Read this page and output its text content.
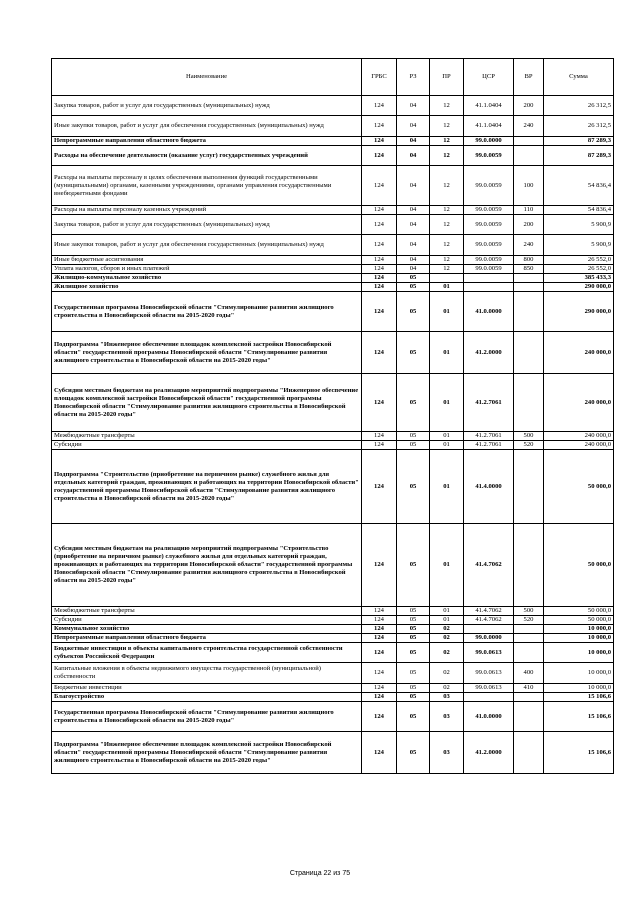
Наименование	ГРБС	РЗ	ПР	ЦСР	ВР	Сумма
Закупка товаров, работ и услуг для государственных (муниципальных) нужд	124	04	12	41.1.0404	200	26 312,5
Иные закупки товаров, работ и услуг для обеспечения государственных (муниципальных) нужд	124	04	12	41.1.0404	240	26 312,5
Непрограммные направления областного бюджета	124	04	12	99.0.0000		87 289,3
Расходы на обеспечение деятельности (оказание услуг) государственных учреждений	124	04	12	99.0.0059		87 289,3
Расходы на выплаты персоналу в целях обеспечения выполнения функций государственными (муниципальными) органами, казенными учреждениями, органами управления государственными внебюджетными фондами	124	04	12	99.0.0059	100	54 836,4
Расходы на выплаты персоналу казенных учреждений	124	04	12	99.0.0059	110	54 836,4
Закупка товаров, работ и услуг для государственных (муниципальных) нужд	124	04	12	99.0.0059	200	5 900,9
Иные закупки товаров, работ и услуг для обеспечения государственных (муниципальных) нужд	124	04	12	99.0.0059	240	5 900,9
Иные бюджетные ассигнования	124	04	12	99.0.0059	800	26 552,0
Уплата налогов, сборов и иных платежей	124	04	12	99.0.0059	850	26 552,0
Жилищно-коммунальное хозяйство	124	05				385 433,3
Жилищное хозяйство	124	05	01			290 000,0
Государственная программа Новосибирской области "Стимулирование развития жилищного строительства в Новосибирской области на 2015-2020 годы"	124	05	01	41.0.0000		290 000,0
Подпрограмма "Инженерное обеспечение площадок комплексной застройки Новосибирской области" государственной программы Новосибирской области "Стимулирование развития жилищного строительства в Новосибирской области на 2015-2020 годы"	124	05	01	41.2.0000		240 000,0
Субсидии местным бюджетам на реализацию мероприятий подпрограммы "Инженерное обеспечение площадок комплексной застройки Новосибирской области" государственной программы Новосибирской области "Стимулирование развития жилищного строительства в Новосибирской области на 2015-2020 годы"	124	05	01	41.2.7061		240 000,0
Межбюджетные трансферты	124	05	01	41.2.7061	500	240 000,0
Субсидии	124	05	01	41.2.7061	520	240 000,0
Подпрограмма "Строительство (приобретение на первичном рынке) служебного жилья для отдельных категорий граждан, проживающих и работающих на территории Новосибирской области" государственной программы Новосибирской области "Стимулирование развития жилищного строительства в Новосибирской области на 2015-2020 годы"	124	05	01	41.4.0000		50 000,0
Субсидии местным бюджетам на реализацию мероприятий подпрограммы "Строительство (приобретение на первичном рынке) служебного жилья для отдельных категорий граждан, проживающих и работающих на территории Новосибирской области" государственной программы Новосибирской области "Стимулирование развития жилищного строительства в Новосибирской области на 2015-2020 годы"	124	05	01	41.4.7062		50 000,0
Межбюджетные трансферты	124	05	01	41.4.7062	500	50 000,0
Субсидии	124	05	01	41.4.7062	520	50 000,0
Коммунальное хозяйство	124	05	02			10 000,0
Непрограммные направления областного бюджета	124	05	02	99.0.0000		10 000,0
Бюджетные инвестиции в объекты капитального строительства государственной собственности субъектов Российской Федерации	124	05	02	99.0.0613		10 000,0
Капитальные вложения в объекты недвижимого имущества государственной (муниципальной) собственности	124	05	02	99.0.0613	400	10 000,0
Бюджетные инвестиции	124	05	02	99.0.0613	410	10 000,0
Благоустройство	124	05	03			15 106,6
Государственная программа Новосибирской области "Стимулирование развития жилищного строительства в Новосибирской области на 2015-2020 годы"	124	05	03	41.0.0000		15 106,6
Подпрограмма "Инженерное обеспечение площадок комплексной застройки Новосибирской области" государственной программы Новосибирской области "Стимулирование развития жилищного строительства в Новосибирской области на 2015-2020 годы"	124	05	03	41.2.0000		15 106,6
Страница 22 из 75
